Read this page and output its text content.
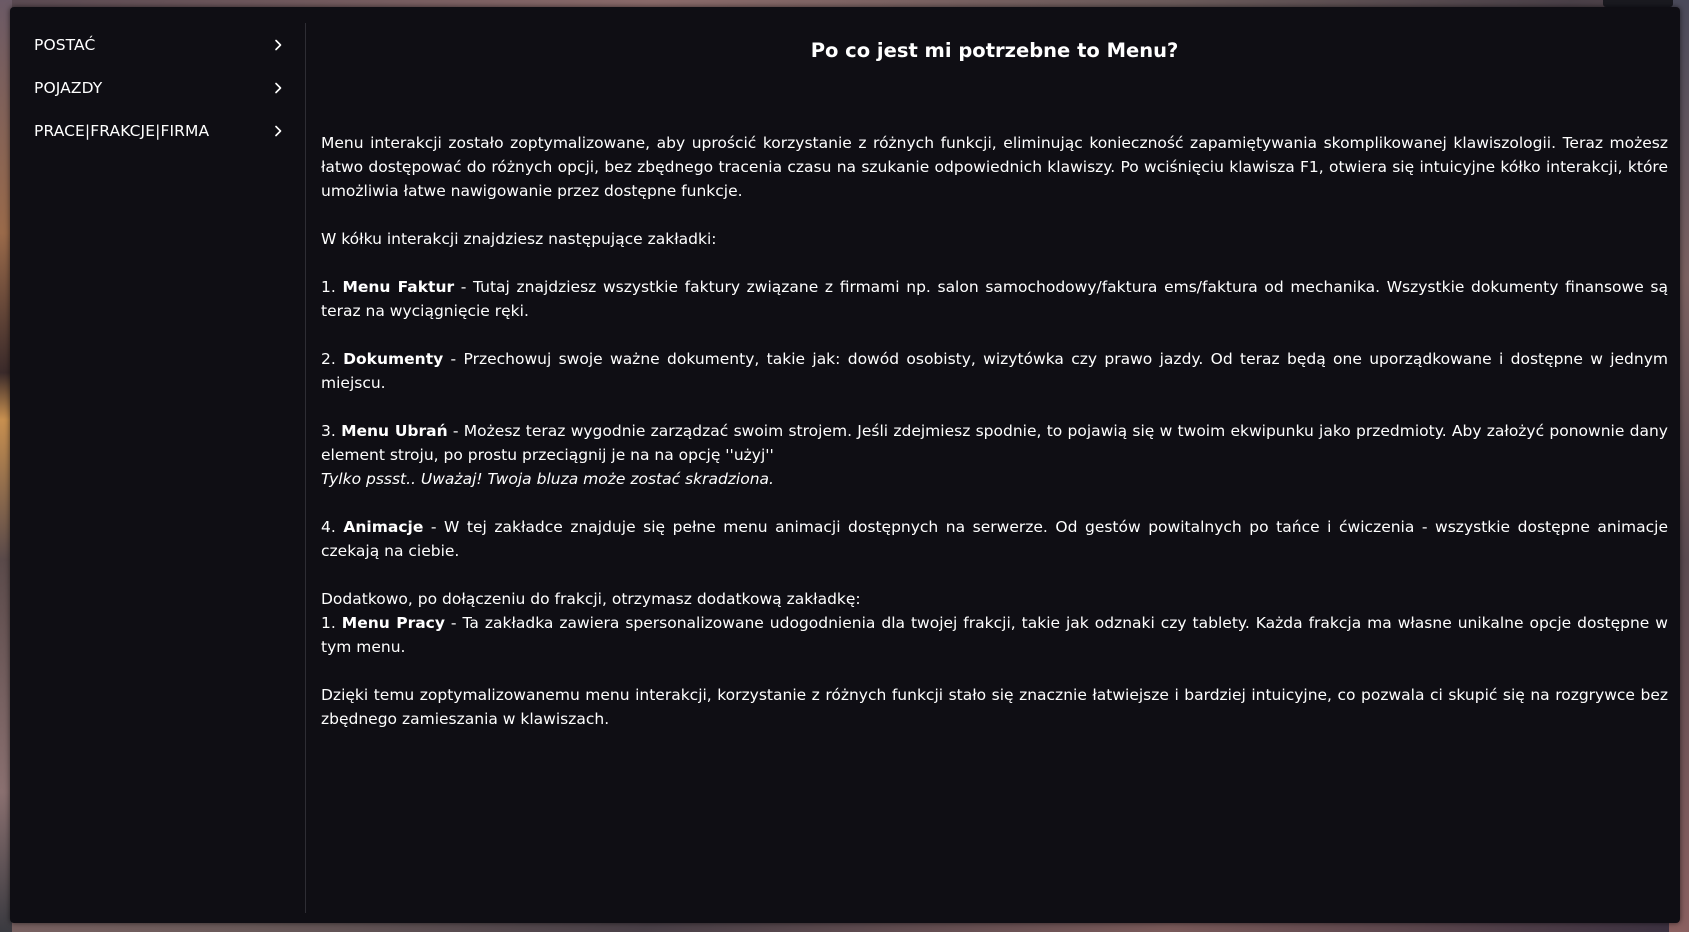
POSTAĆ
POJAZDY
PRACE|FRAKCJE|FIRMA
Po co jest mi potrzebne to Menu?

Menu interakcji zostało zoptymalizowane, aby uprościć korzystanie z różnych funkcji, eliminując konieczność zapamiętywania skomplikowanej klawiszologii. Teraz możesz łatwo dostępować do różnych opcji, bez zbędnego tracenia czasu na szukanie odpowiednich klawiszy. Po wciśnięciu klawisza F1, otwiera się intuicyjne kółko interakcji, które umożliwia łatwe nawigowanie przez dostępne funkcje.

W kółku interakcji znajdziesz następujące zakładki:

1. Menu Faktur - Tutaj znajdziesz wszystkie faktury związane z firmami np. salon samochodowy/faktura ems/faktura od mechanika. Wszystkie dokumenty finansowe są teraz na wyciągnięcie ręki.

2. Dokumenty - Przechowuj swoje ważne dokumenty, takie jak: dowód osobisty, wizytówka czy prawo jazdy. Od teraz będą one uporządkowane i dostępne w jednym miejscu.

3. Menu Ubrań - Możesz teraz wygodnie zarządzać swoim strojem. Jeśli zdejmiesz spodnie, to pojawią się w twoim ekwipunku jako przedmioty. Aby założyć ponownie dany element stroju, po prostu przeciągnij je na na opcję ''użyj''

Tylko pssst.. Uważaj! Twoja bluza może zostać skradziona.

4. Animacje - W tej zakładce znajduje się pełne menu animacji dostępnych na serwerze. Od gestów powitalnych po tańce i ćwiczenia - wszystkie dostępne animacje czekają na ciebie.

Dodatkowo, po dołączeniu do frakcji, otrzymasz dodatkową zakładkę:

1. Menu Pracy - Ta zakładka zawiera spersonalizowane udogodnienia dla twojej frakcji, takie jak odznaki czy tablety. Każda frakcja ma własne unikalne opcje dostępne w tym menu.

Dzięki temu zoptymalizowanemu menu interakcji, korzystanie z różnych funkcji stało się znacznie łatwiejsze i bardziej intuicyjne, co pozwala ci skupić się na rozgrywce bez zbędnego zamieszania w klawiszach.
